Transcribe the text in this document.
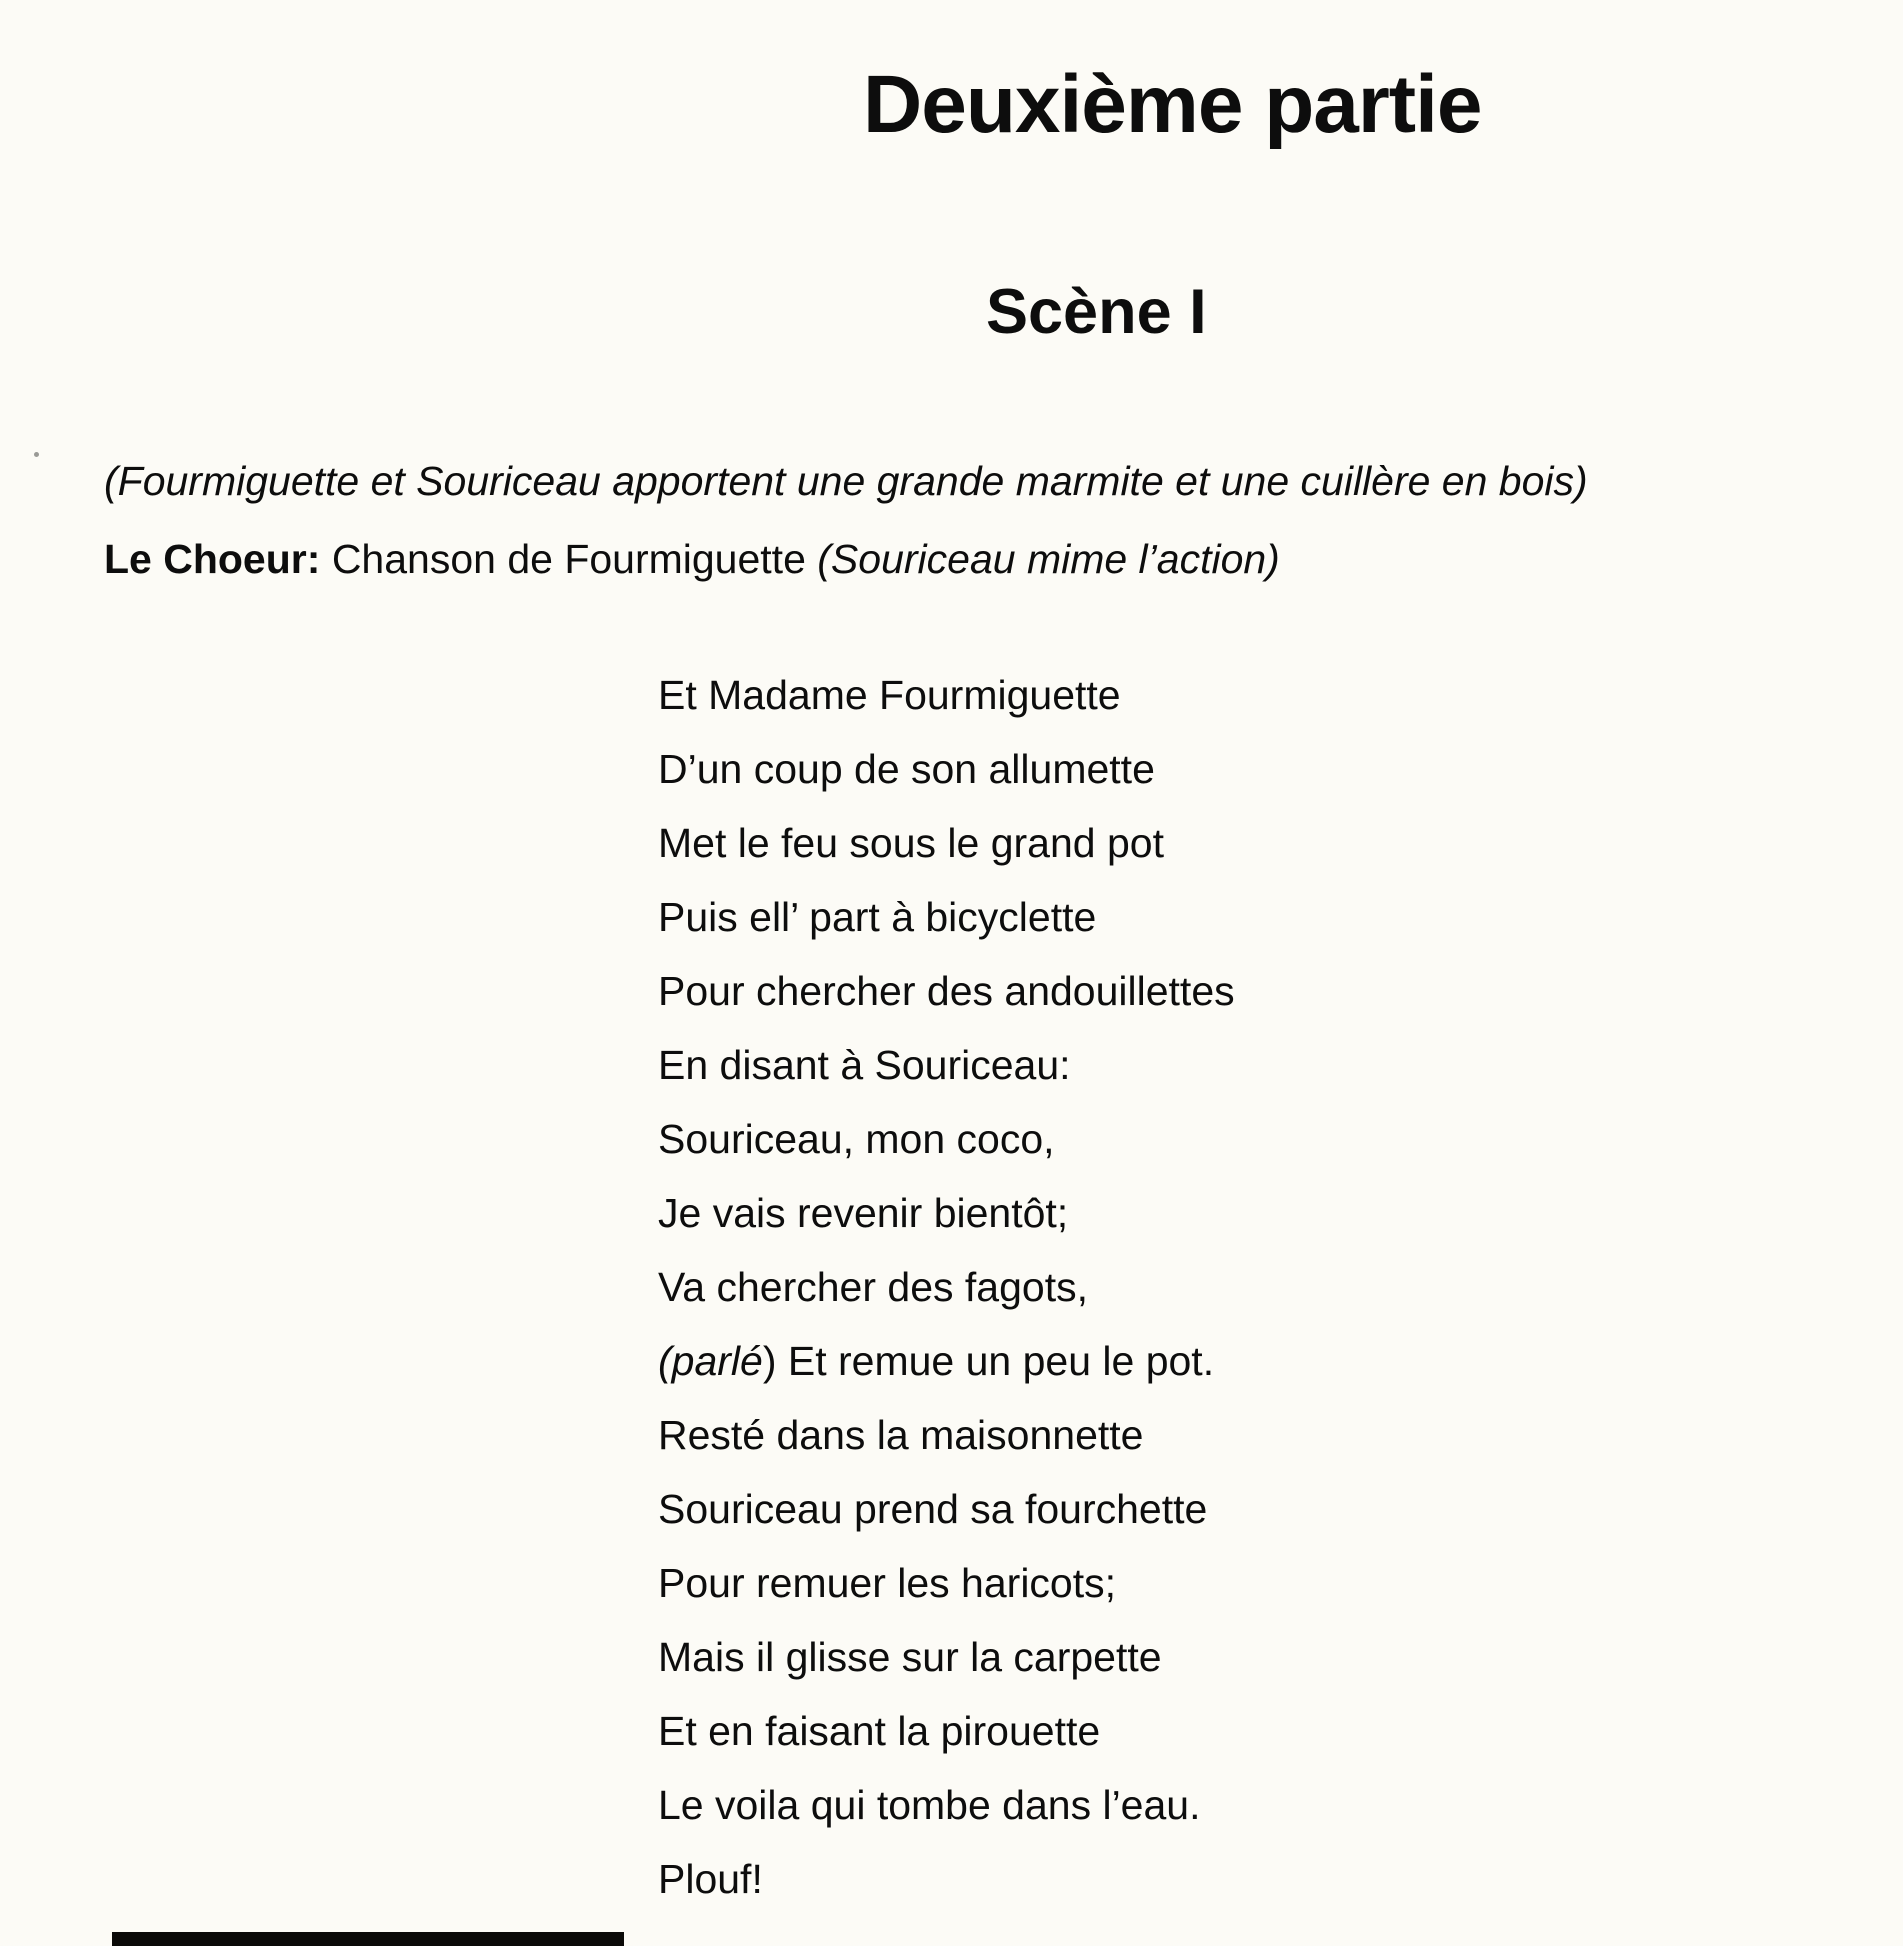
Deuxième partie
Scène I

(Fourmiguette et Souriceau apportent une grande marmite et une cuillère en bois)

Le Choeur: Chanson de Fourmiguette (Souriceau mime l’action)

Et Madame Fourmiguette

D’un coup de son allumette

Met le feu sous le grand pot

Puis ell’ part à bicyclette

Pour chercher des andouillettes

En disant à Souriceau:

Souriceau, mon coco,

Je vais revenir bientôt;

Va chercher des fagots,

(parlé) Et remue un peu le pot.

Resté dans la maisonnette

Souriceau prend sa fourchette

Pour remuer les haricots;

Mais il glisse sur la carpette

Et en faisant la pirouette

Le voila qui tombe dans l’eau.

Plouf!
